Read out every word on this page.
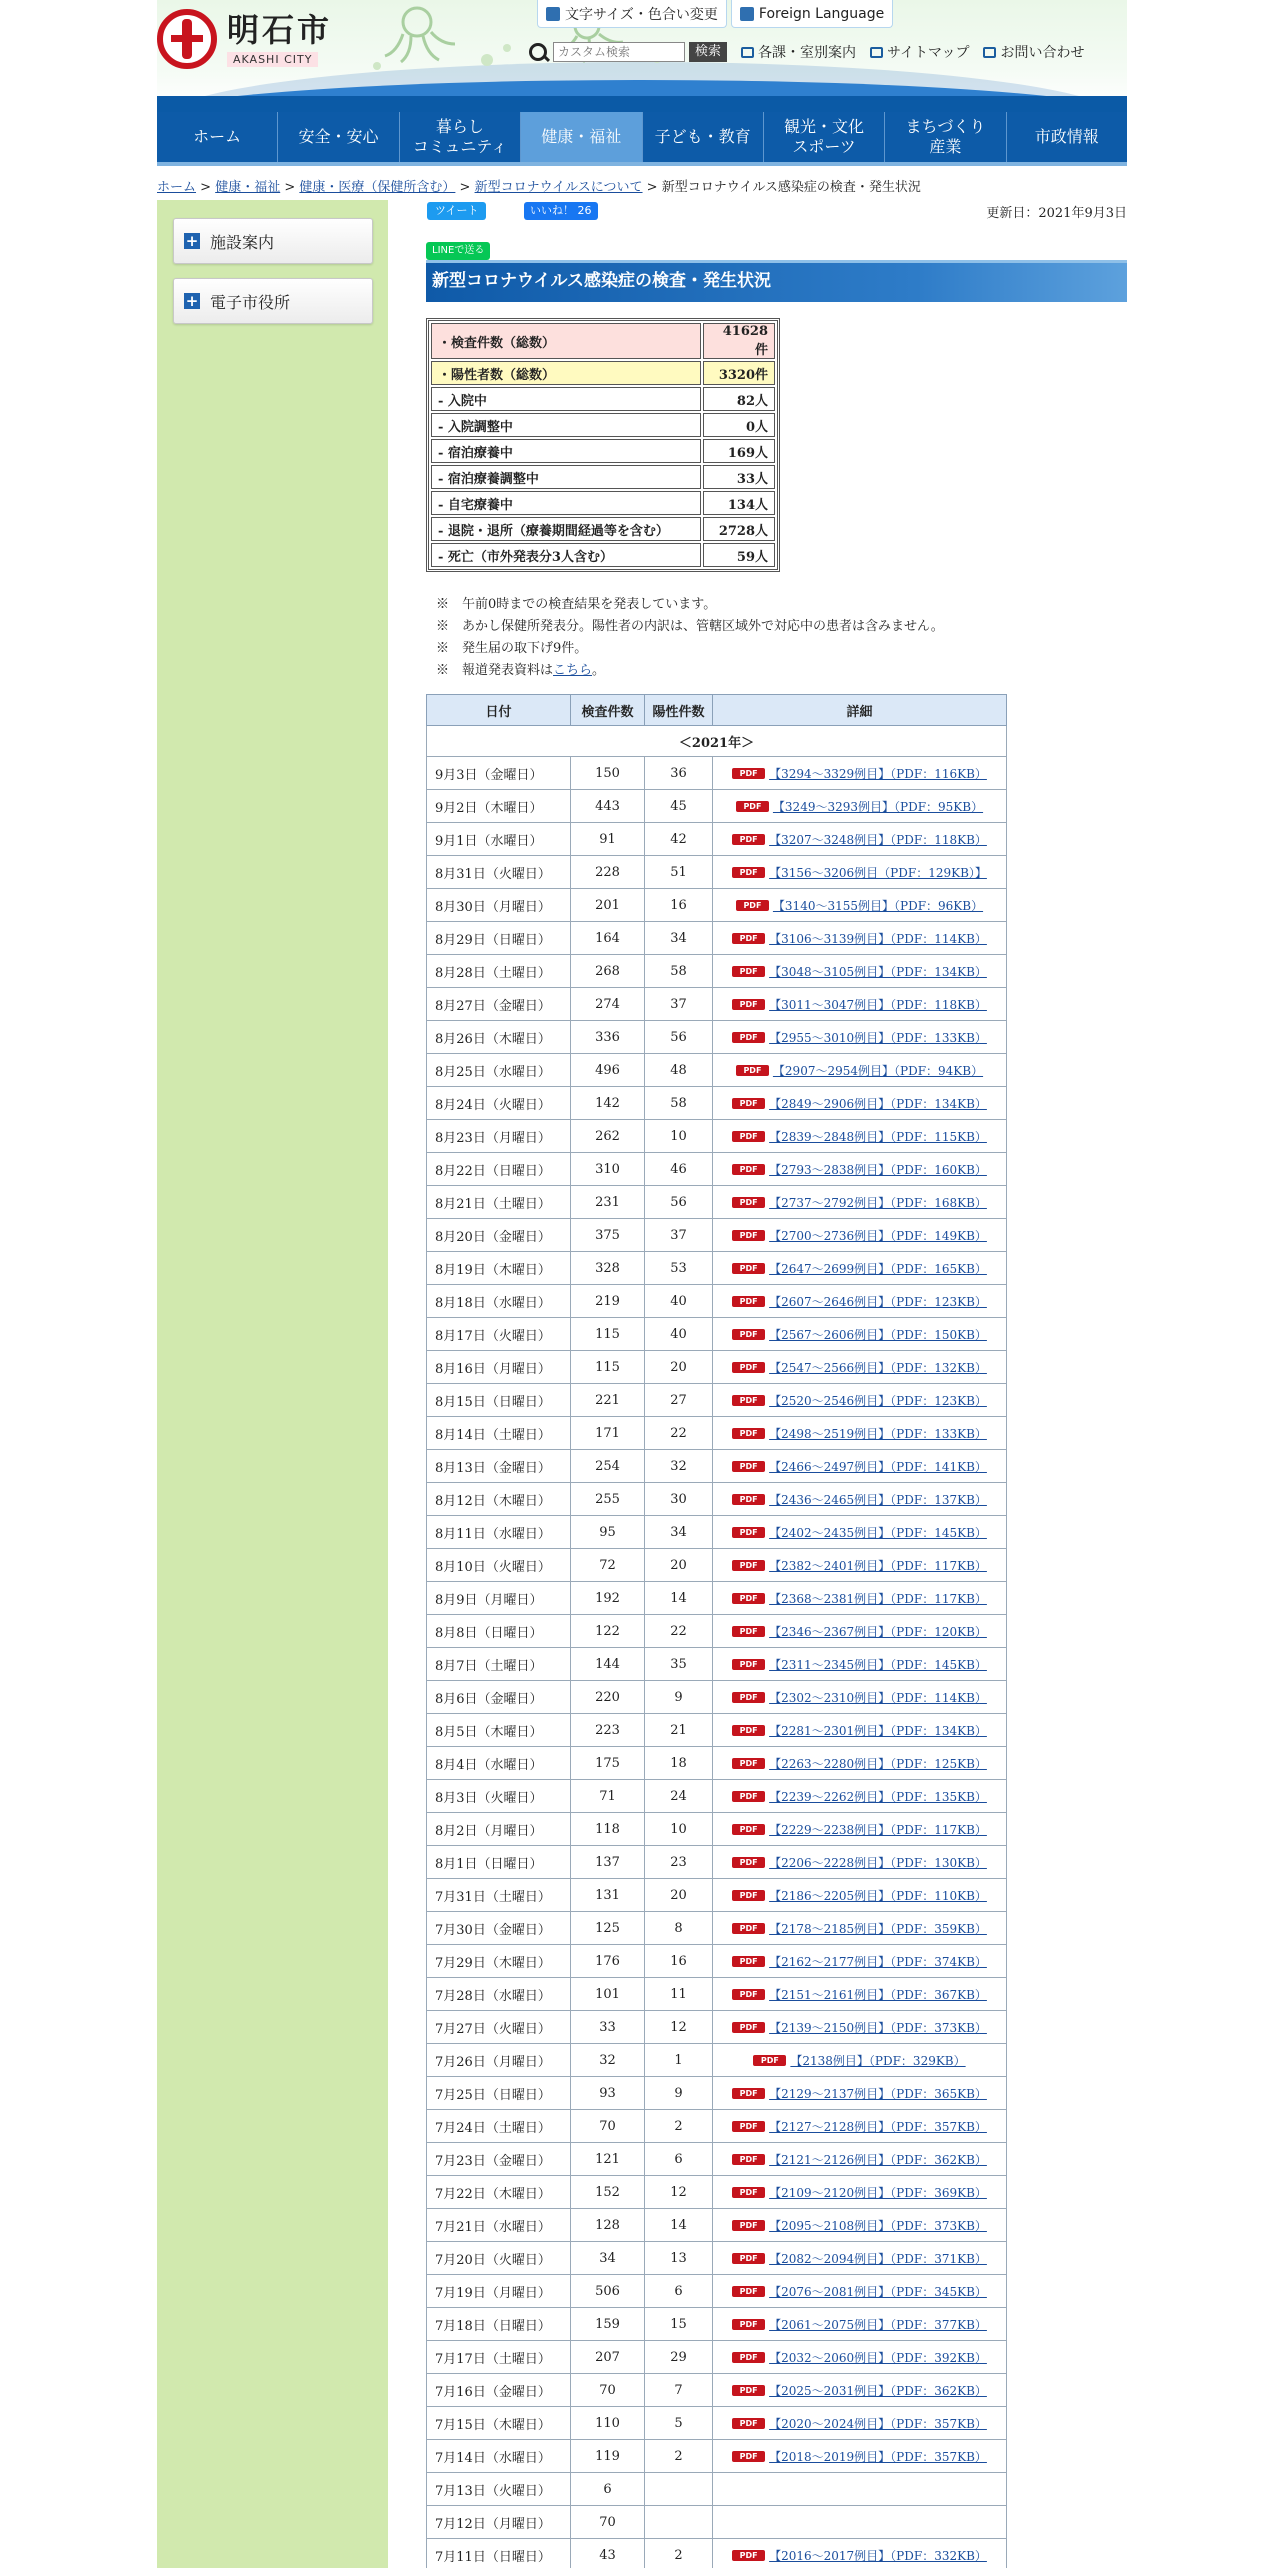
明石市
AKASHI CITY
文字サイズ・色合い変更	Foreign Language
カスタム検索
検索	各課・室別案内 サイトマップ お問い合わせ
ホーム	安全・安心
暮らし
コミュニティ
健康・福祉	子ども・教育
観光・文化
スポーツ
まちづくり
産業
市政情報
ホーム > 健康・福祉 > 健康・医療（保健所含む） > 新型コロナウイルスについて > 新型コロナウイルス感染症の検査・発生状況
+ 施設案内
+ 電子市役所
ツイート	いいね！ 26	更新日：2021年9月3日
LINEで送る
新型コロナウイルス感染症の検査・発生状況
・検査件数（総数）	41628件
・陽性者数（総数）	3320件
- 入院中	82人
- 入院調整中	0人
- 宿泊療養中	169人
- 宿泊療養調整中	33人
- 自宅療養中	134人
- 退院・退所（療養期間経過等を含む）	2728人
- 死亡（市外発表分3人含む）	59人
※　午前0時までの検査結果を発表しています。
※　あかし保健所発表分。陽性者の内訳は、管轄区域外で対応中の患者は含みません。
※　発生届の取下げ9件。
※　報道発表資料はこちら。
日付	検査件数	陽性件数	詳細
＜2021年＞			
9月3日（金曜日）	150	36	PDF 【3294～3329例目】（PDF：116KB）
9月2日（木曜日）	443	45	PDF 【3249～3293例目】（PDF：95KB）
9月1日（水曜日）	91	42	PDF 【3207～3248例目】（PDF：118KB）
8月31日（火曜日）	228	51	PDF 【3156～3206例目（PDF：129KB）】
8月30日（月曜日）	201	16	PDF 【3140～3155例目】（PDF：96KB）
8月29日（日曜日）	164	34	PDF 【3106～3139例目】（PDF：114KB）
8月28日（土曜日）	268	58	PDF 【3048～3105例目】（PDF：134KB）
8月27日（金曜日）	274	37	PDF 【3011～3047例目】（PDF：118KB）
8月26日（木曜日）	336	56	PDF 【2955～3010例目】（PDF：133KB）
8月25日（水曜日）	496	48	PDF 【2907～2954例目】（PDF：94KB）
8月24日（火曜日）	142	58	PDF 【2849～2906例目】（PDF：134KB）
8月23日（月曜日）	262	10	PDF 【2839～2848例目】（PDF：115KB）
8月22日（日曜日）	310	46	PDF 【2793～2838例目】（PDF：160KB）
8月21日（土曜日）	231	56	PDF 【2737～2792例目】（PDF：168KB）
8月20日（金曜日）	375	37	PDF 【2700～2736例目】（PDF：149KB）
8月19日（木曜日）	328	53	PDF 【2647～2699例目】（PDF：165KB）
8月18日（水曜日）	219	40	PDF 【2607～2646例目】（PDF：123KB）
8月17日（火曜日）	115	40	PDF 【2567～2606例目】（PDF：150KB）
8月16日（月曜日）	115	20	PDF 【2547～2566例目】（PDF：132KB）
8月15日（日曜日）	221	27	PDF 【2520～2546例目】（PDF：123KB）
8月14日（土曜日）	171	22	PDF 【2498～2519例目】（PDF：133KB）
8月13日（金曜日）	254	32	PDF 【2466～2497例目】（PDF：141KB）
8月12日（木曜日）	255	30	PDF 【2436～2465例目】（PDF：137KB）
8月11日（水曜日）	95	34	PDF 【2402～2435例目】（PDF：145KB）
8月10日（火曜日）	72	20	PDF 【2382～2401例目】（PDF：117KB）
8月9日（月曜日）	192	14	PDF 【2368～2381例目】（PDF：117KB）
8月8日（日曜日）	122	22	PDF 【2346～2367例目】（PDF：120KB）
8月7日（土曜日）	144	35	PDF 【2311～2345例目】（PDF：145KB）
8月6日（金曜日）	220	9	PDF 【2302～2310例目】（PDF：114KB）
8月5日（木曜日）	223	21	PDF 【2281～2301例目】（PDF：134KB）
8月4日（水曜日）	175	18	PDF 【2263～2280例目】（PDF：125KB）
8月3日（火曜日）	71	24	PDF 【2239～2262例目】（PDF：135KB）
8月2日（月曜日）	118	10	PDF 【2229～2238例目】（PDF：117KB）
8月1日（日曜日）	137	23	PDF 【2206～2228例目】（PDF：130KB）
7月31日（土曜日）	131	20	PDF 【2186～2205例目】（PDF：110KB）
7月30日（金曜日）	125	8	PDF 【2178～2185例目】（PDF：359KB）
7月29日（木曜日）	176	16	PDF 【2162～2177例目】（PDF：374KB）
7月28日（水曜日）	101	11	PDF 【2151～2161例目】（PDF：367KB）
7月27日（火曜日）	33	12	PDF 【2139～2150例目】（PDF：373KB）
7月26日（月曜日）	32	1	PDF 【2138例目】（PDF：329KB）
7月25日（日曜日）	93	9	PDF 【2129～2137例目】（PDF：365KB）
7月24日（土曜日）	70	2	PDF 【2127～2128例目】（PDF：357KB）
7月23日（金曜日）	121	6	PDF 【2121～2126例目】（PDF：362KB）
7月22日（木曜日）	152	12	PDF 【2109～2120例目】（PDF：369KB）
7月21日（水曜日）	128	14	PDF 【2095～2108例目】（PDF：373KB）
7月20日（火曜日）	34	13	PDF 【2082～2094例目】（PDF：371KB）
7月19日（月曜日）	506	6	PDF 【2076～2081例目】（PDF：345KB）
7月18日（日曜日）	159	15	PDF 【2061～2075例目】（PDF：377KB）
7月17日（土曜日）	207	29	PDF 【2032～2060例目】（PDF：392KB）
7月16日（金曜日）	70	7	PDF 【2025～2031例目】（PDF：362KB）
7月15日（木曜日）	110	5	PDF 【2020～2024例目】（PDF：357KB）
7月14日（水曜日）	119	2	PDF 【2018～2019例目】（PDF：357KB）
7月13日（火曜日）	6		
7月12日（月曜日）	70		
7月11日（日曜日）	43	2	PDF 【2016～2017例目】（PDF：332KB）
